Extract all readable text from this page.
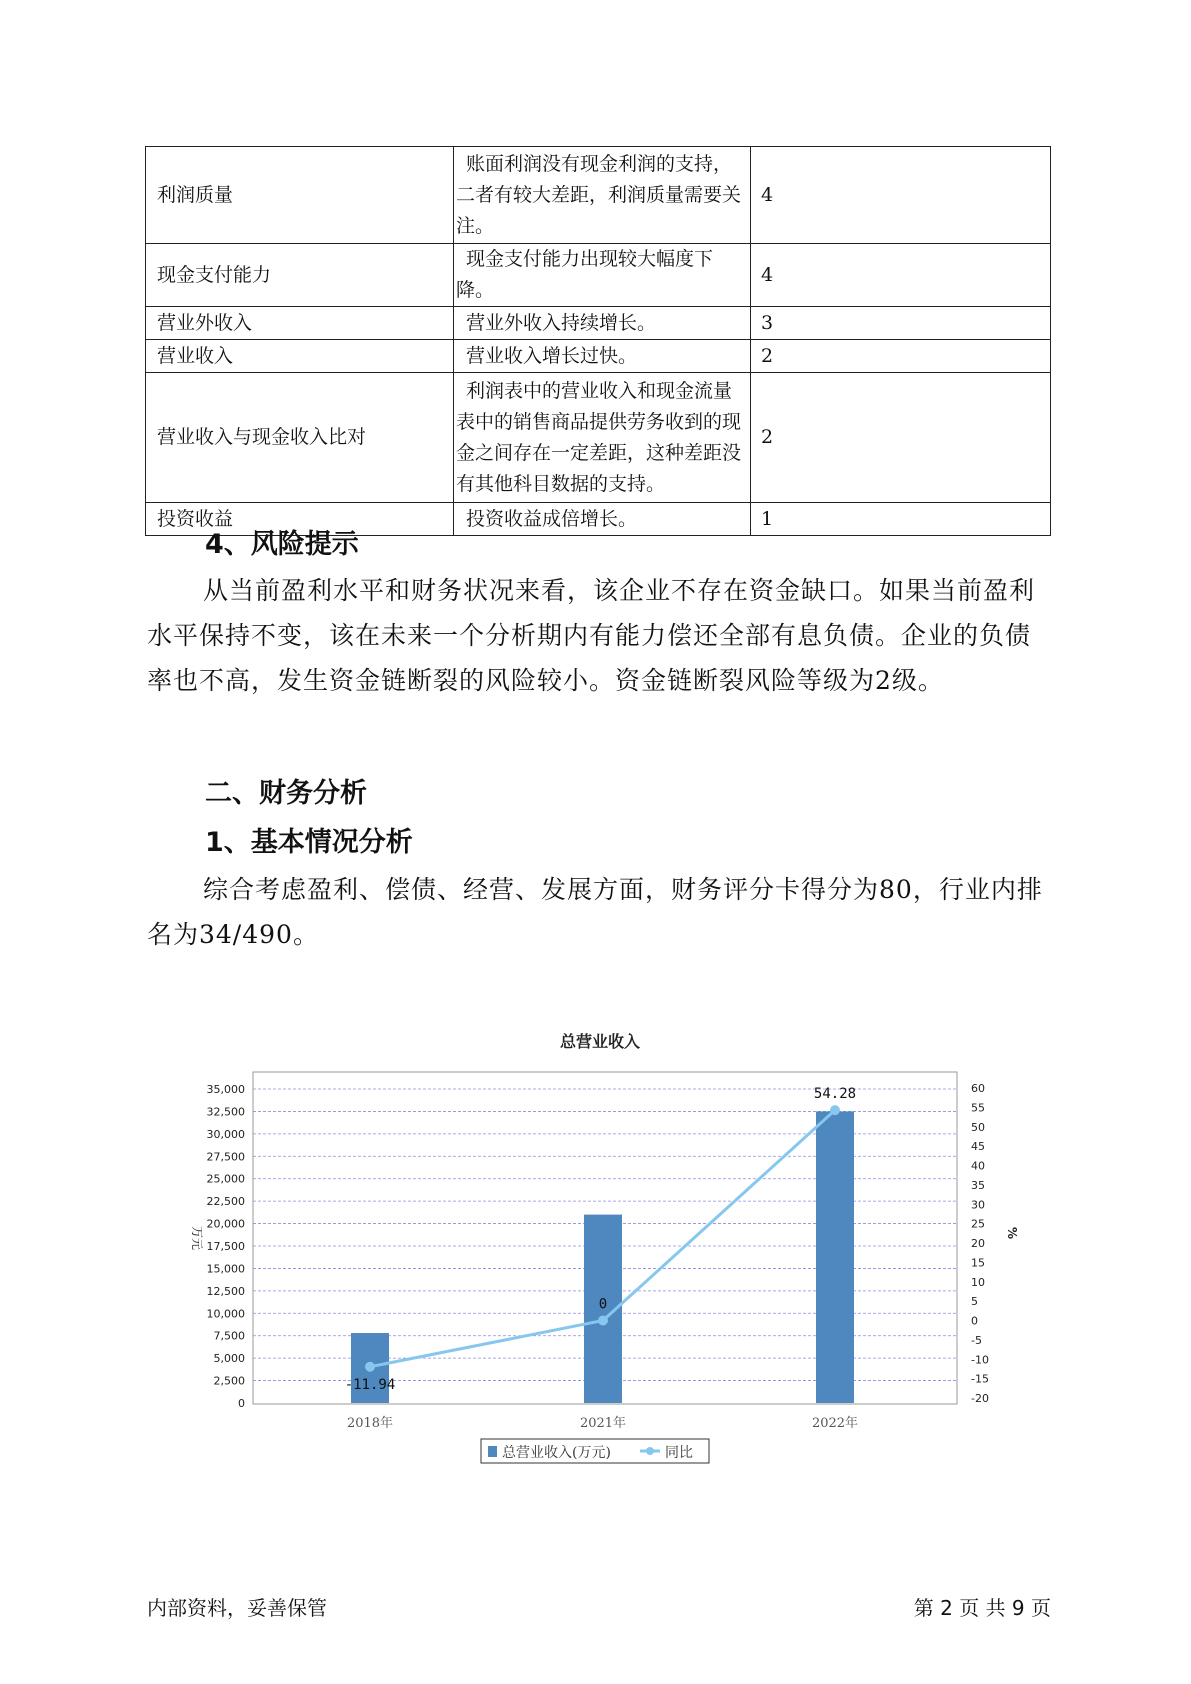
利润质量	账面利润没有现金利润的支持，二者有较大差距，利润质量需要关注。	4
现金支付能力	现金支付能力出现较大幅度下降。	4
营业外收入	营业外收入持续增长。	3
营业收入	营业收入增长过快。	2
营业收入与现金收入比对	利润表中的营业收入和现金流量表中的销售商品提供劳务收到的现金之间存在一定差距，这种差距没有其他科目数据的支持。	2
投资收益	投资收益成倍增长。	1
4、风险提示

从当前盈利水平和财务状况来看，该企业不存在资金缺口。如果当前盈利水平保持不变，该在未来一个分析期内有能力偿还全部有息负债。企业的负债率也不高，发生资金链断裂的风险较小。资金链断裂风险等级为2级。

二、财务分析
1、基本情况分析

综合考虑盈利、偿债、经营、发展方面，财务评分卡得分为80，行业内排名为34/490。

总营业收入
35,000
32,500
30,000
27,500
25,000
22,500
20,000
17,500
15,000
12,500
10,000
7,500
5,000
2,500
0
60
55
50
45
40
35
30
25
20
15
10
5
0
-5
-10
-15
-20
万元	%
2018年	2021年	2022年
-11.94
0
54.28
总营业收入(万元)	同比
内部资料，妥善保管	第 2 页 共 9 页
